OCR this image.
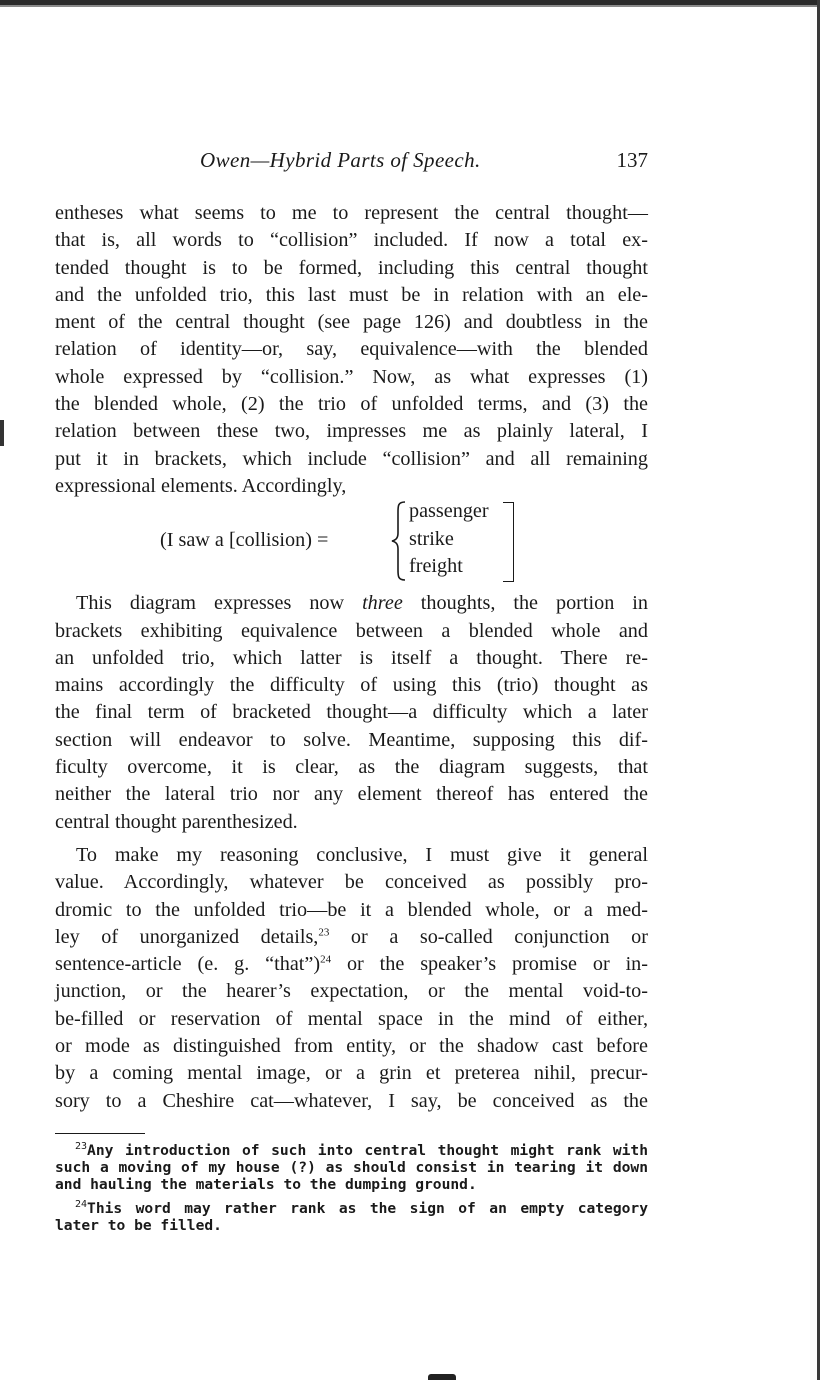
Owen—Hybrid Parts of Speech.	137

entheses what seems to me to represent the central thought—
that is, all words to “collision” included. If now a total ex-
tended thought is to be formed, including this central thought
and the unfolded trio, this last must be in relation with an ele-
ment of the central thought (see page 126) and doubtless in the
relation of identity—or, say, equivalence—with the blended
whole expressed by “collision.” Now, as what expresses (1)
the blended whole, (2) the trio of unfolded terms, and (3) the
relation between these two, impresses me as plainly lateral, I
put it in brackets, which include “collision” and all remaining
expressional elements. Accordingly,

(I saw a [collision) =
passenger
strike
freight

This diagram expresses now three thoughts, the portion in
brackets exhibiting equivalence between a blended whole and
an unfolded trio, which latter is itself a thought. There re-
mains accordingly the difficulty of using this (trio) thought as
the final term of bracketed thought—a difficulty which a later
section will endeavor to solve. Meantime, supposing this dif-
ficulty overcome, it is clear, as the diagram suggests, that
neither the lateral trio nor any element thereof has entered the
central thought parenthesized.

To make my reasoning conclusive, I must give it general
value. Accordingly, whatever be conceived as possibly pro-
dromic to the unfolded trio—be it a blended whole, or a med-
ley of unorganized details,$^{23}$ or a so-called conjunction or
sentence-article (e. g. “that”)$^{24}$ or the speaker’s promise or in-
junction, or the hearer’s expectation, or the mental void-to-
be-filled or reservation of mental space in the mind of either,
or mode as distinguished from entity, or the shadow cast before
by a coming mental image, or a grin et preterea nihil, precur-
sory to a Cheshire cat—whatever, I say, be conceived as the

$^{23}$Any introduction of such into central thought might rank with such a moving of my house (?) as should consist in tearing it down and hauling the materials to the dumping ground.

$^{24}$This word may rather rank as the sign of an empty category later to be filled.
